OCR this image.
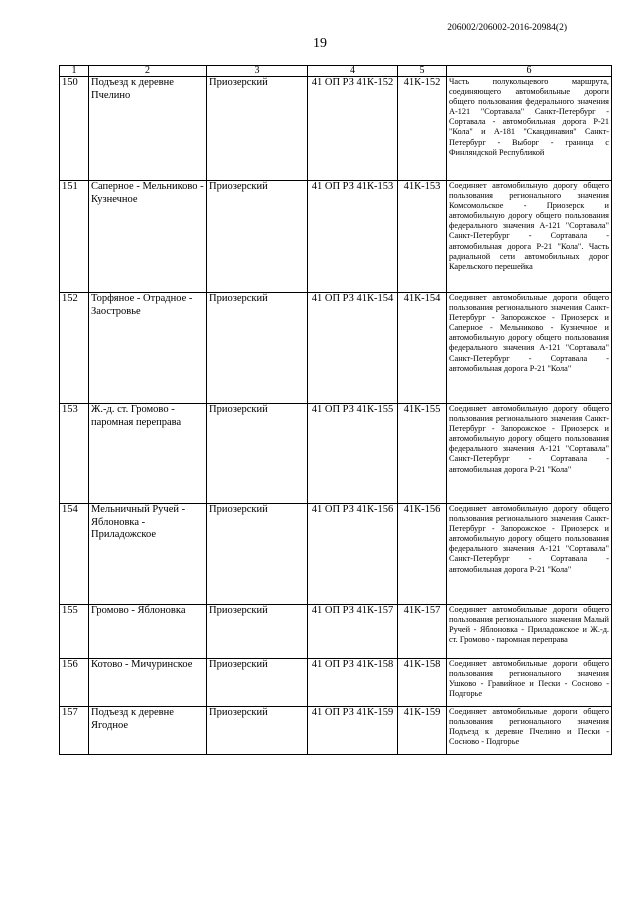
206002/206002-2016-20984(2)
19
1	2	3	4	5	6
150	Подъезд к деревне Пчелино	Приозерский	41 ОП РЗ 41К-152	41К-152	Часть полукольцевого маршрута, соединяющего автомобильные дороги общего пользования федерального значения А-121 "Сортавала" Санкт-Петербург - Сортавала - автомобильная дорога Р-21 "Кола" и А-181 "Скандинавия" Санкт-Петербург - Выборг - граница с Финляндской Республикой
151	Саперное - Мельниково - Кузнечное	Приозерский	41 ОП РЗ 41К-153	41К-153	Соединяет автомобильную дорогу общего пользования регионального значения Комсомольское - Приозерск и автомобильную дорогу общего пользования федерального значения А-121 "Сортавала" Санкт-Петербург - Сортавала - автомобильная дорога Р-21 "Кола". Часть радиальной сети автомобильных дорог Карельского перешейка
152	Торфяное - Отрадное - Заостровье	Приозерский	41 ОП РЗ 41К-154	41К-154	Соединяет автомобильные дороги общего пользования регионального значения Санкт-Петербург - Запорожское - Приозерск и Саперное - Мельниково - Кузнечное и автомобильную дорогу общего пользования федерального значения А-121 "Сортавала" Санкт-Петербург - Сортавала - автомобильная дорога Р-21 "Кола"
153	Ж.-д. ст. Громово - паромная переправа	Приозерский	41 ОП РЗ 41К-155	41К-155	Соединяет автомобильную дорогу общего пользования регионального значения Санкт-Петербург - Запорожское - Приозерск и автомобильную дорогу общего пользования федерального значения А-121 "Сортавала" Санкт-Петербург - Сортавала - автомобильная дорога Р-21 "Кола"
154	Мельничный Ручей - Яблоновка - Приладожское	Приозерский	41 ОП РЗ 41К-156	41К-156	Соединяет автомобильную дорогу общего пользования регионального значения Санкт-Петербург - Запорожское - Приозерск и автомобильную дорогу общего пользования федерального значения А-121 "Сортавала" Санкт-Петербург - Сортавала - автомобильная дорога Р-21 "Кола"
155	Громово - Яблоновка	Приозерский	41 ОП РЗ 41К-157	41К-157	Соединяет автомобильные дороги общего пользования регионального значения Малый Ручей - Яблоновка - Приладожское и Ж.-д. ст. Громово - паромная переправа
156	Котово - Мичуринское	Приозерский	41 ОП РЗ 41К-158	41К-158	Соединяет автомобильные дороги общего пользования регионального значения Ушково - Гравийное и Пески - Сосново - Подгорье
157	Подъезд к деревне Ягодное	Приозерский	41 ОП РЗ 41К-159	41К-159	Соединяет автомобильные дороги общего пользования регионального значения Подъезд к деревне Пчелино и Пески - Сосново - Подгорье
